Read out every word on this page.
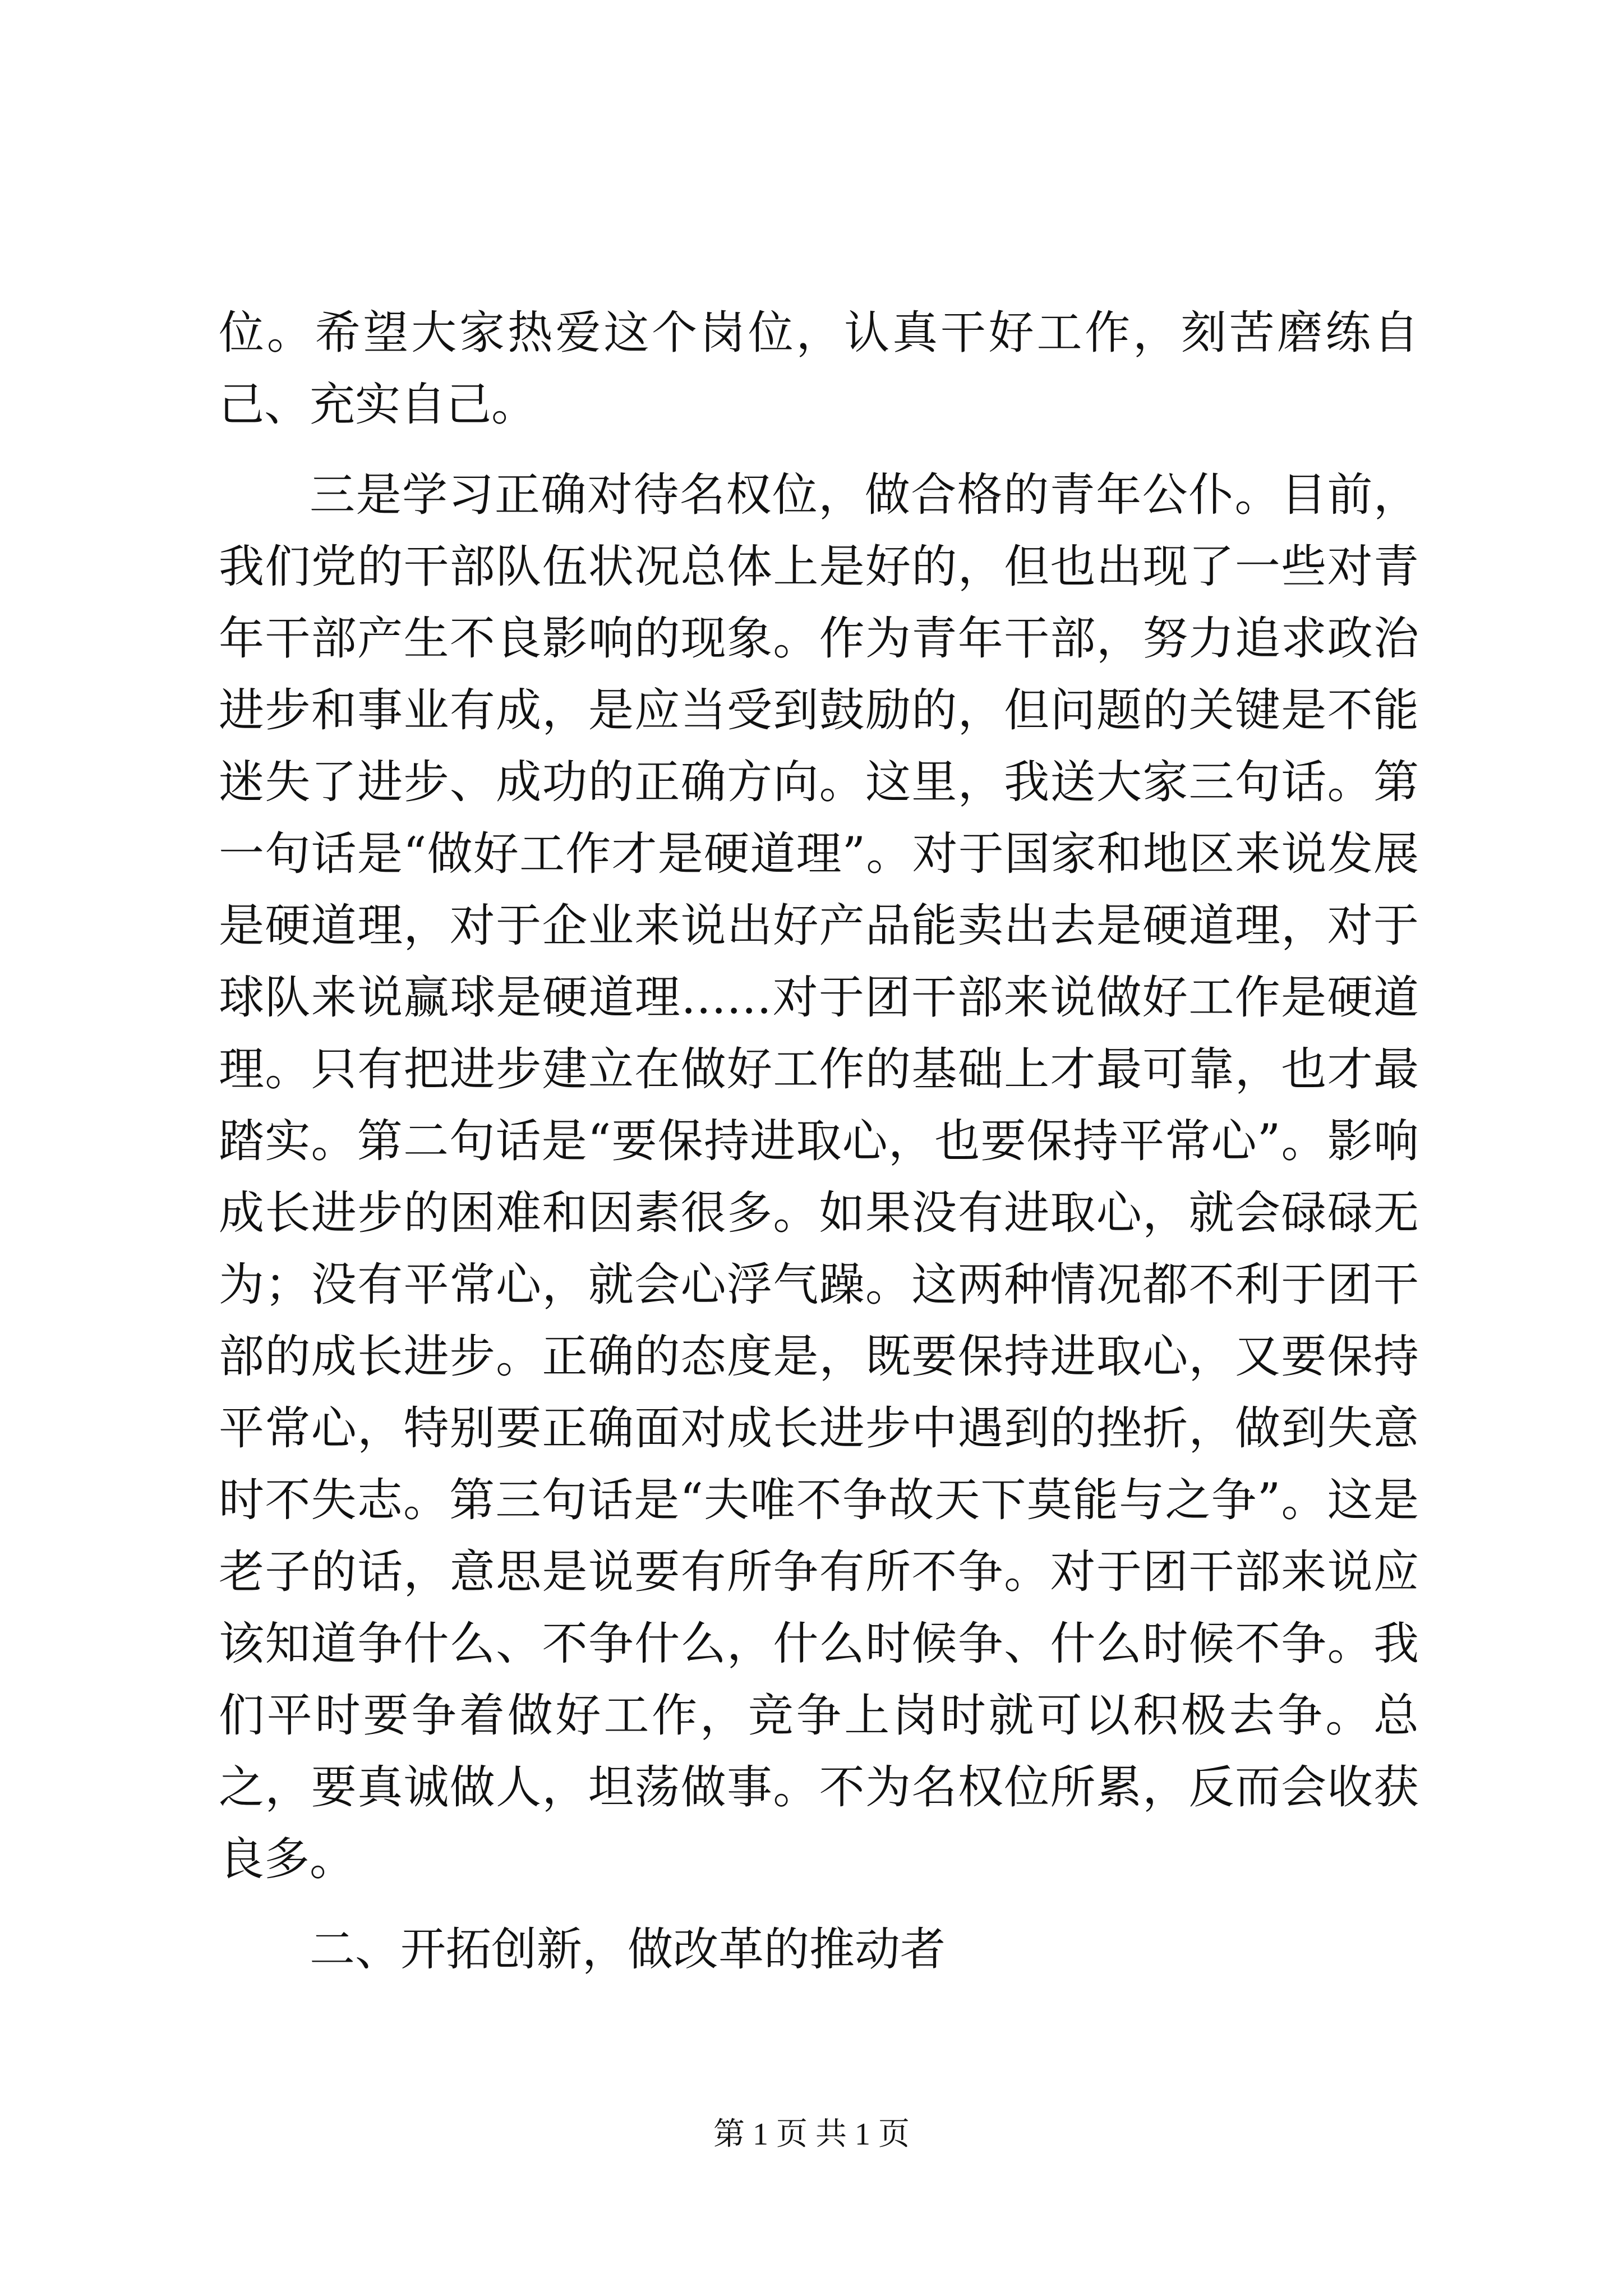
位。希望大家热爱这个岗位，认真干好工作，刻苦磨练自己、充实自己。

三是学习正确对待名权位，做合格的青年公仆。目前，我们党的干部队伍状况总体上是好的，但也出现了一些对青年干部产生不良影响的现象。作为青年干部，努力追求政治进步和事业有成，是应当受到鼓励的，但问题的关键是不能迷失了进步、成功的正确方向。这里，我送大家三句话。第一句话是“做好工作才是硬道理”。对于国家和地区来说发展是硬道理，对于企业来说出好产品能卖出去是硬道理，对于球队来说赢球是硬道理……对于团干部来说做好工作是硬道理。只有把进步建立在做好工作的基础上才最可靠，也才最踏实。第二句话是“要保持进取心，也要保持平常心”。影响成长进步的困难和因素很多。如果没有进取心，就会碌碌无为；没有平常心，就会心浮气躁。这两种情况都不利于团干部的成长进步。正确的态度是，既要保持进取心，又要保持平常心，特别要正确面对成长进步中遇到的挫折，做到失意时不失志。第三句话是“夫唯不争故天下莫能与之争”。这是老子的话，意思是说要有所争有所不争。对于团干部来说应该知道争什么、不争什么，什么时候争、什么时候不争。我们平时要争着做好工作，竞争上岗时就可以积极去争。总之，要真诚做人，坦荡做事。不为名权位所累，反而会收获良多。

二、开拓创新，做改革的推动者

第 1 页 共 1 页
